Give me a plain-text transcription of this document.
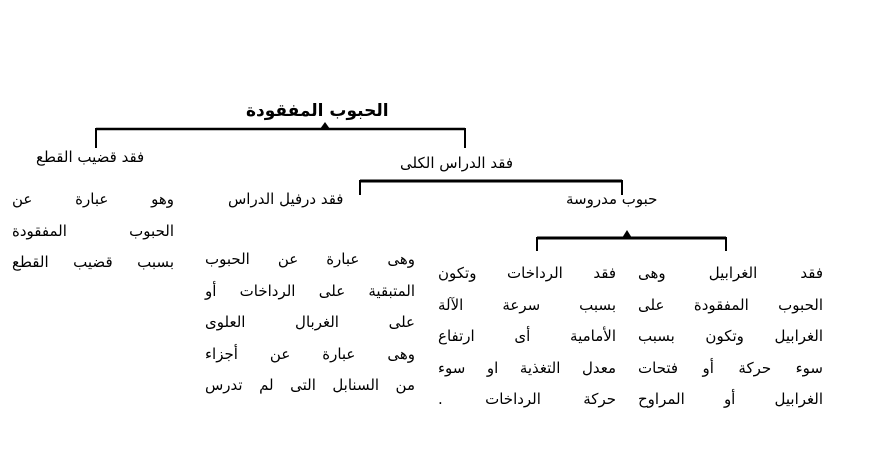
الحبوب المفقودة
فقد قضيب القطع
وهو عبارة عن
الحبوب المفقودة
بسبب قضيب القطع
فقد الدراس الكلى
فقد درفيل الدراس
وهى عبارة عن الحبوب
المتبقية على الرداخات أو
على الغربال العلوى
وهى عبارة عن أجزاء
من السنابل التى لم تدرس
حبوب مدروسة
فقد الغرابيل وهى
الحبوب المفقودة على
الغرابيل وتكون بسبب
سوء حركة أو فتحات
الغرابيل أو المراوح
فقد الرداخات وتكون
بسبب سرعة الآلة
الأمامية أى ارتفاع
معدل التغذية او سوء
حركة الرداخات .
